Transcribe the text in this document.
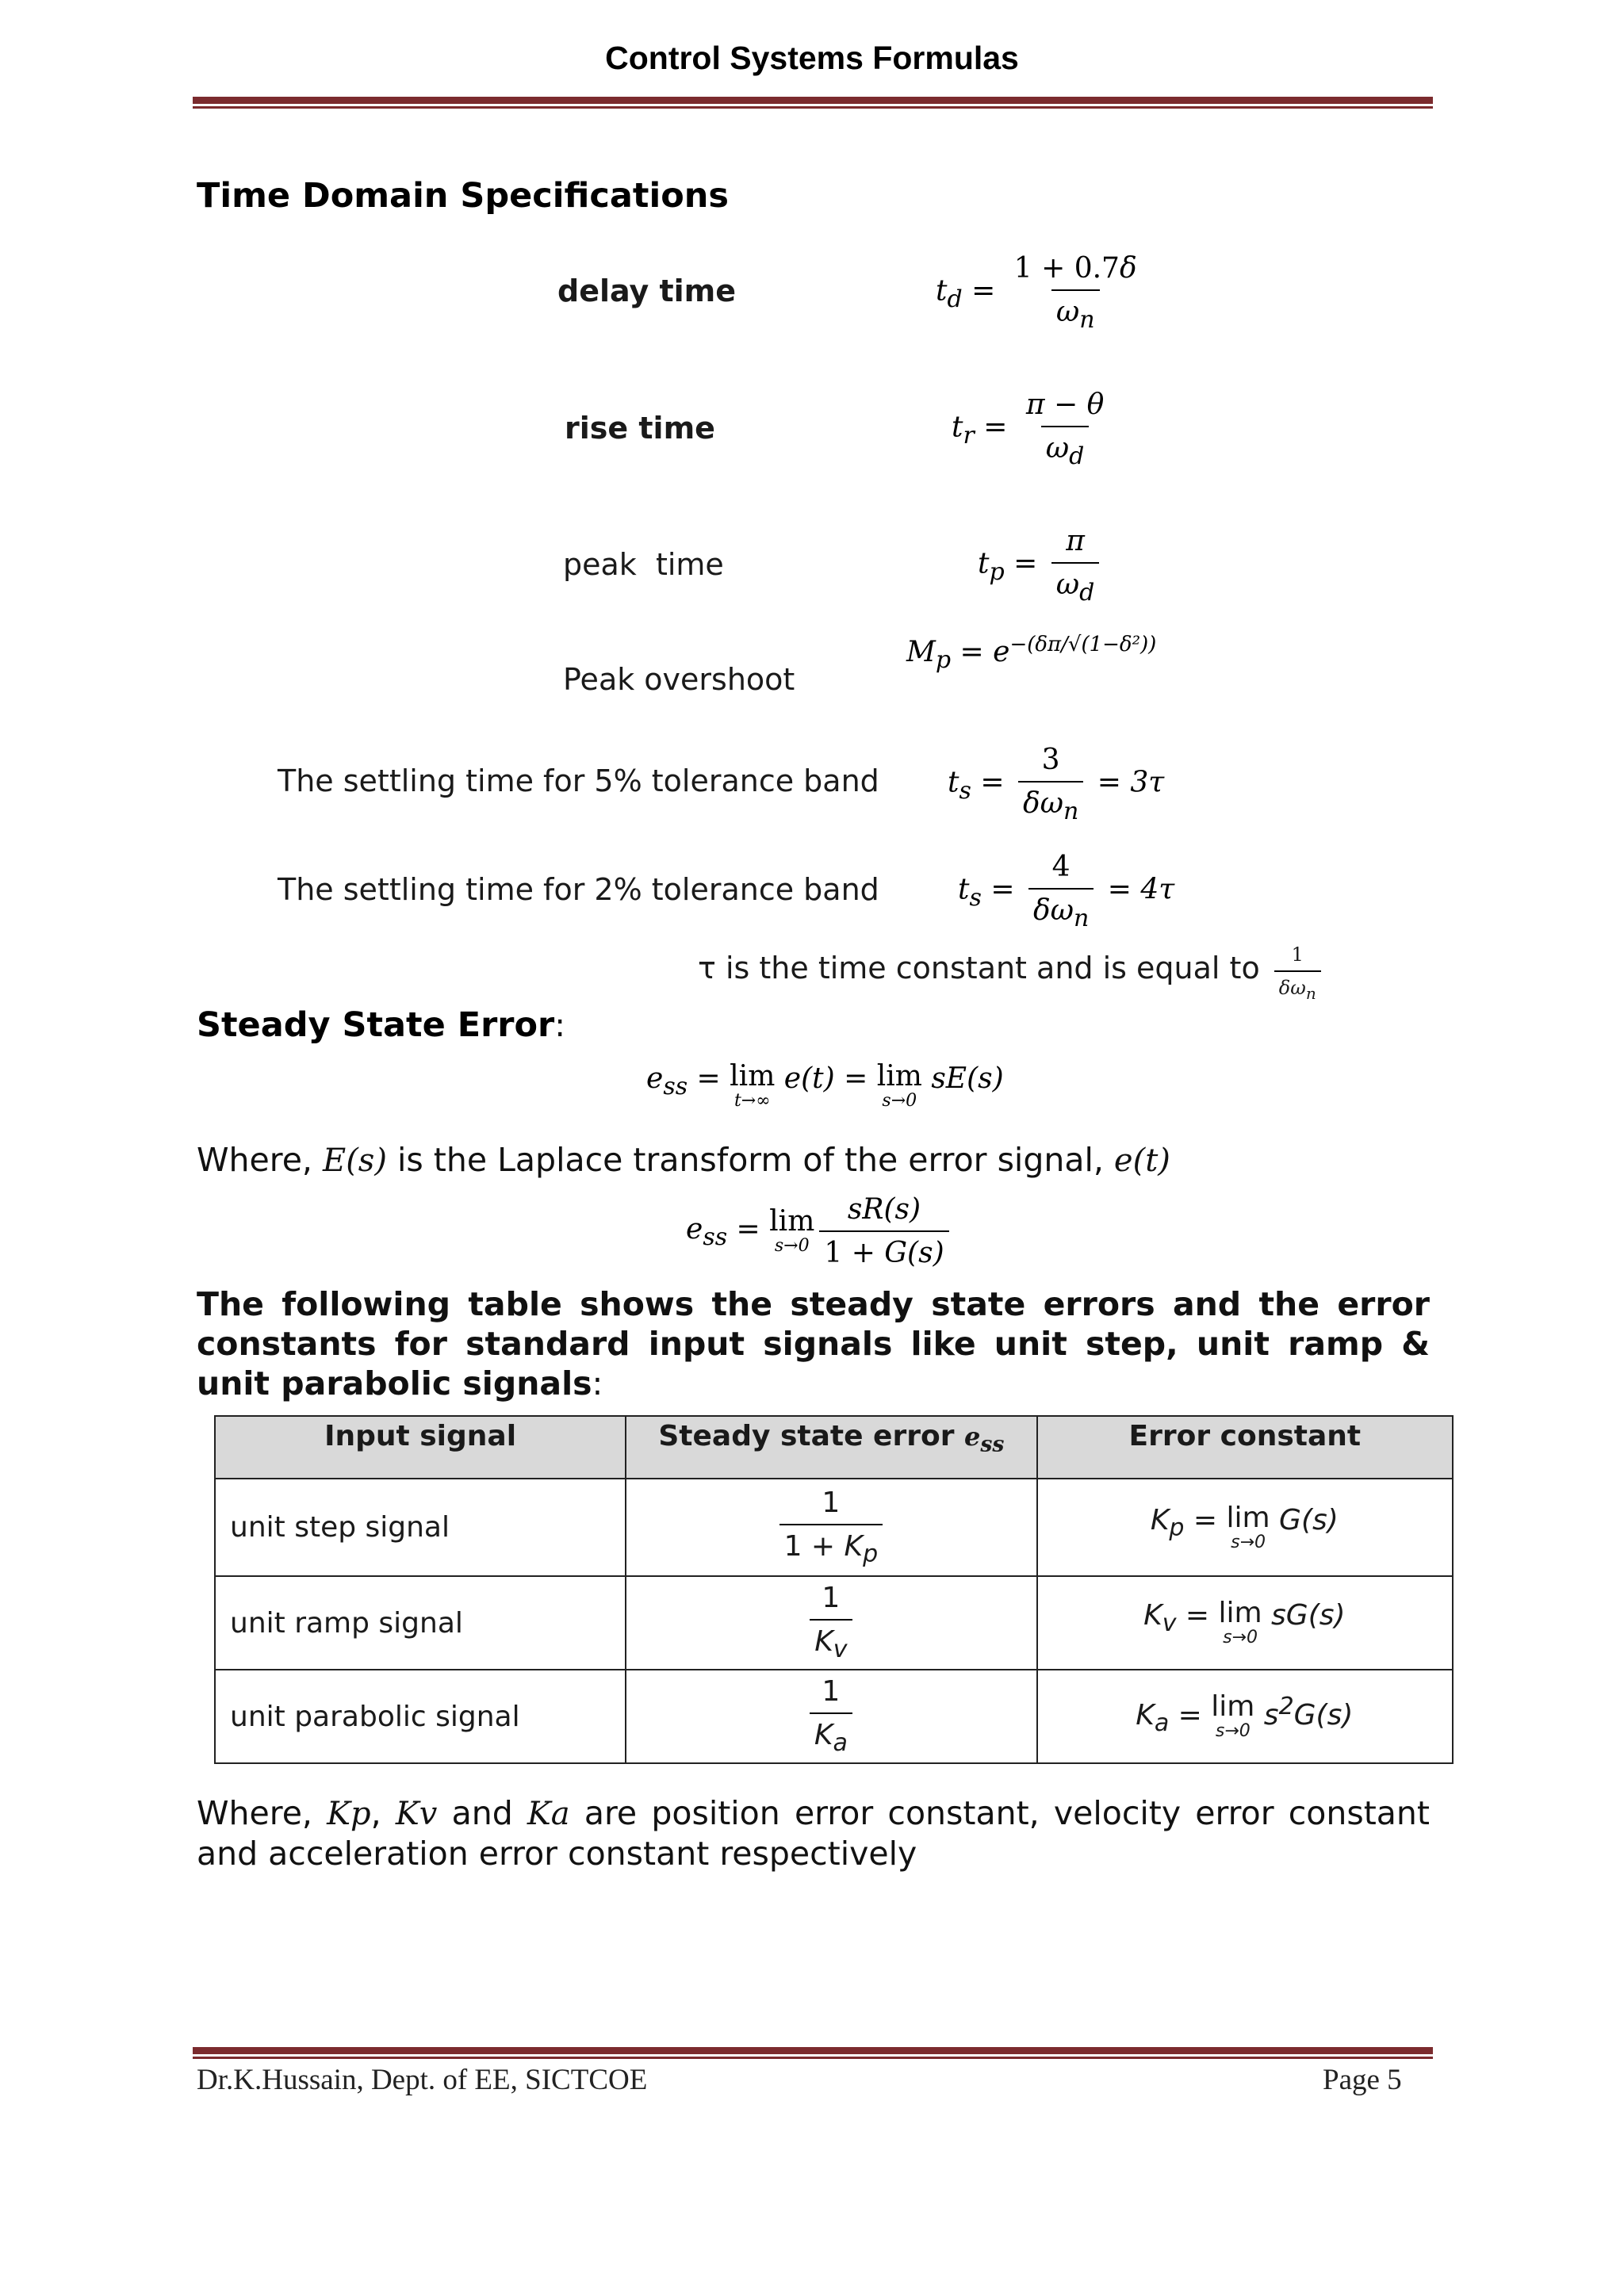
Control Systems Formulas
Time Domain Specifications
delay time	$t_d = \frac{1 + 0.7\delta}{\omega_n}$
rise time	$t_r = \frac{\pi - \theta}{\omega_d}$
peak  time	$t_p = \frac{\pi}{\omega_d}$
Peak overshoot
$M_p = e^{-(\delta\pi/√(1-\delta^2))}$
The settling time for 5% tolerance band $t_s = \frac{3}{\delta\omega_n} = 3\tau$
The settling time for 2% tolerance band	$t_s = \frac{4}{\delta\omega_n} = 4\tau$
τ is the time constant and is equal to $\frac{1}{\delta\omega_n}$
Steady State Error:
$e_{ss} = \lim$
t→∞
e(t) = lim
s→0
sE(s)
Where, E(s) is the Laplace transform of the error signal, e(t)
$e_{ss} = \lim$
$s\to 0 \frac{sR(s)}{1 + G(s)}$
The following table shows the steady state errors and the error constants for standard input signals like unit step, unit ramp & unit parabolic signals:
Input signal	Steady state error $e_{ss}$	Error constant
unit step signal	$\frac{1}{1 + K_p}$	$K_p = \lim$
s→0
G(s)
unit ramp signal	$\frac{1}{K_v}$	$K_v = \lim$
s→0
sG(s)
unit parabolic signal	$\frac{1}{K_a}$	$K_a = \lim$
s→0 $s^2G(s)$
Where, Kp, Kv and Ka are position error constant, velocity error constant and acceleration error constant respectively
Dr.K.Hussain, Dept. of EE, SICTCOE	Page 5
